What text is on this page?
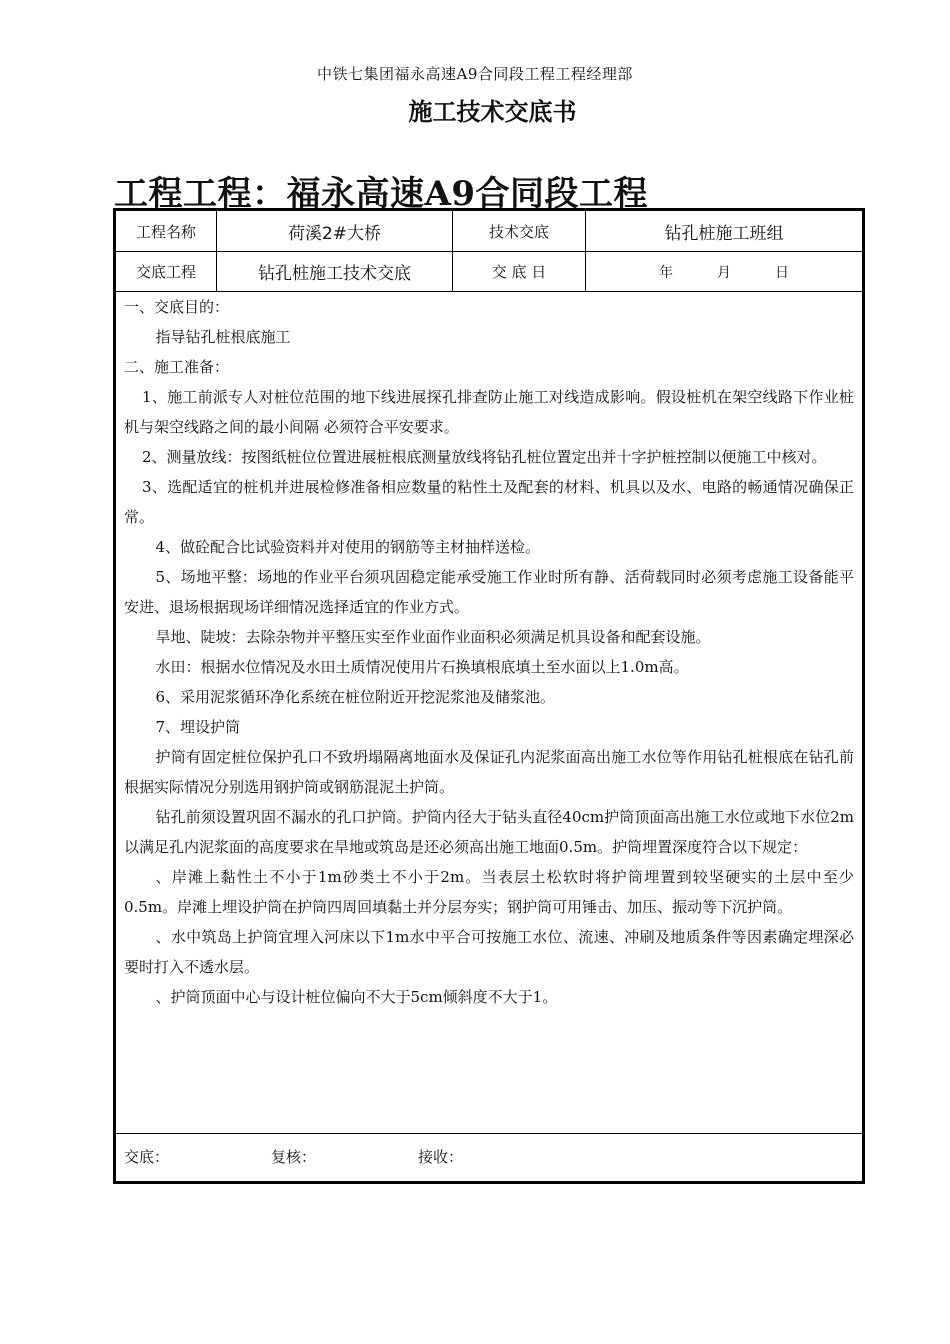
中铁七集团福永高速A9合同段工程工程经理部
施工技术交底书
工程工程：福永高速A9合同段工程
工程名称	荷溪2#大桥	技术交底	钻孔桩施工班组
交底工程	钻孔桩施工技术交底	交 底 日	年	月	日

一、交底目的：

指导钻孔桩根底施工

二、施工准备：

1、施工前派专人对桩位范围的地下线进展探孔排查防止施工对线造成影响。假设桩机在架空线路下作业桩机与架空线路之间的最小间隔 必须符合平安要求。

2、测量放线：按图纸桩位位置进展桩根底测量放线将钻孔桩位置定出并十字护桩控制以便施工中核对。

3、选配适宜的桩机并进展检修准备相应数量的粘性土及配套的材料、机具以及水、电路的畅通情况确保正常。

4、做砼配合比试验资料并对使用的钢筋等主材抽样送检。

5、场地平整：场地的作业平台须巩固稳定能承受施工作业时所有静、活荷载同时必须考虑施工设备能平安进、退场根据现场详细情况选择适宜的作业方式。

旱地、陡坡：去除杂物并平整压实至作业面作业面积必须满足机具设备和配套设施。

水田：根据水位情况及水田土质情况使用片石换填根底填土至水面以上1.0m高。

6、采用泥浆循环净化系统在桩位附近开挖泥浆池及储浆池。

7、埋设护筒

护筒有固定桩位保护孔口不致坍塌隔离地面水及保证孔内泥浆面高出施工水位等作用钻孔桩根底在钻孔前根据实际情况分别选用钢护筒或钢筋混泥土护筒。

钻孔前须设置巩固不漏水的孔口护筒。护筒内径大于钻头直径40cm护筒顶面高出施工水位或地下水位2m以满足孔内泥浆面的高度要求在旱地或筑岛是还必须高出施工地面0.5m。护筒埋置深度符合以下规定：

、岸滩上黏性土不小于1m砂类土不小于2m。当表层土松软时将护筒埋置到较坚硬实的土层中至少0.5m。岸滩上埋设护筒在护筒四周回填黏土并分层夯实；钢护筒可用锤击、加压、振动等下沉护筒。

、水中筑岛上护筒宜埋入河床以下1m水中平合可按施工水位、流速、冲刷及地质条件等因素确定埋深必要时打入不透水层。

、护筒顶面中心与设计桩位偏向不大于5cm倾斜度不大于1。

交底：	复核：	接收：
